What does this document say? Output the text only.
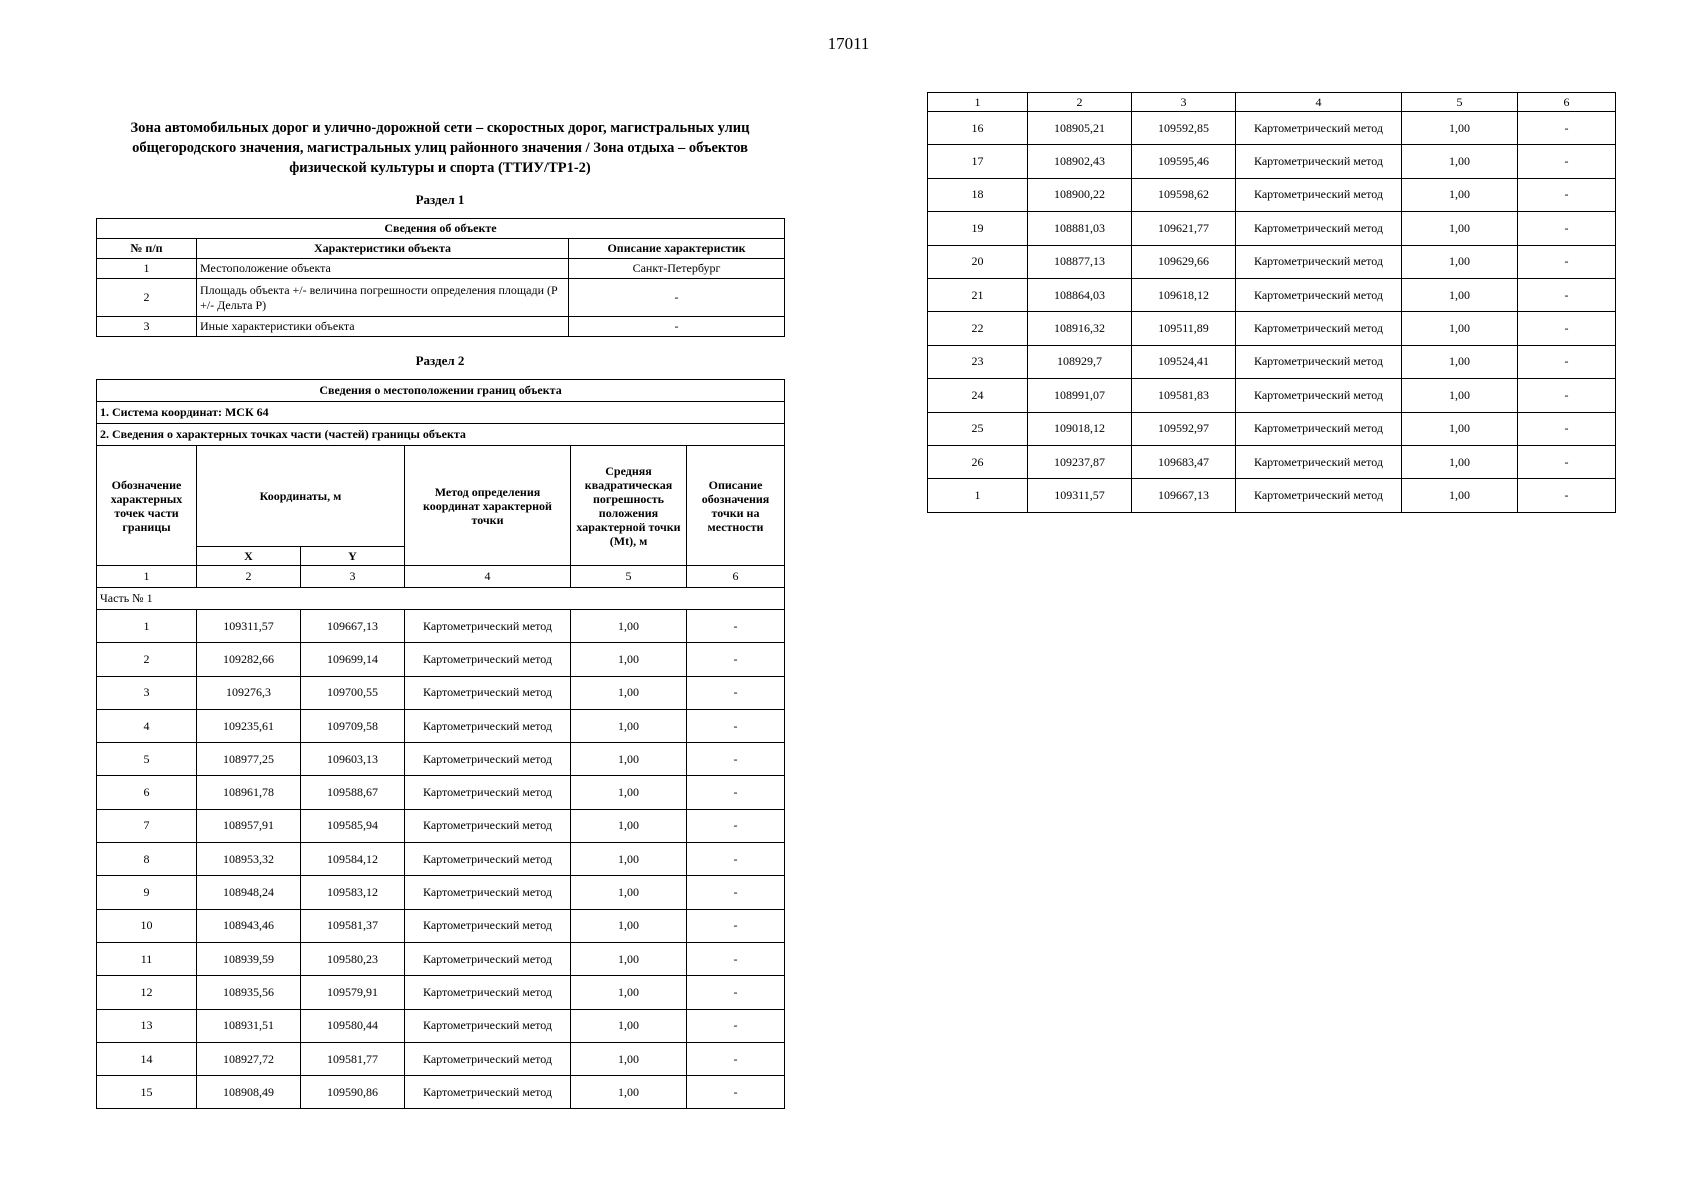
17011
Зона автомобильных дорог и улично-дорожной сети – скоростных дорог, магистральных улиц общегородского значения, магистральных улиц районного значения / Зона отдыха – объектов физической культуры и спорта (ТТИУ/ТР1-2)
Раздел 1
Сведения об объекте		
№ п/п	Характеристики объекта	Описание характеристик
1	Местоположение объекта	Санкт-Петербург
2	Площадь объекта +/- величина погрешности определения площади (Р +/- Дельта Р)	-
3	Иные характеристики объекта	-
Раздел 2
Сведения о местоположении границ объекта					
1. Система координат: МСК 64					
2. Сведения о характерных точках части (частей) границы объекта					
Обозначение характерных точек части границы	Координаты, м		Метод определения координат характерной точки	Средняя квадратическая погрешность положения характерной точки (Mt), м	Описание обозначения точки на местности
	X	Y			
1	2	3	4	5	6
Часть № 1					
1	109311,57	109667,13	Картометрический метод	1,00	-
2	109282,66	109699,14	Картометрический метод	1,00	-
3	109276,3	109700,55	Картометрический метод	1,00	-
4	109235,61	109709,58	Картометрический метод	1,00	-
5	108977,25	109603,13	Картометрический метод	1,00	-
6	108961,78	109588,67	Картометрический метод	1,00	-
7	108957,91	109585,94	Картометрический метод	1,00	-
8	108953,32	109584,12	Картометрический метод	1,00	-
9	108948,24	109583,12	Картометрический метод	1,00	-
10	108943,46	109581,37	Картометрический метод	1,00	-
11	108939,59	109580,23	Картометрический метод	1,00	-
12	108935,56	109579,91	Картометрический метод	1,00	-
13	108931,51	109580,44	Картометрический метод	1,00	-
14	108927,72	109581,77	Картометрический метод	1,00	-
15	108908,49	109590,86	Картометрический метод	1,00	-
1	2	3	4	5	6
16	108905,21	109592,85	Картометрический метод	1,00	-
17	108902,43	109595,46	Картометрический метод	1,00	-
18	108900,22	109598,62	Картометрический метод	1,00	-
19	108881,03	109621,77	Картометрический метод	1,00	-
20	108877,13	109629,66	Картометрический метод	1,00	-
21	108864,03	109618,12	Картометрический метод	1,00	-
22	108916,32	109511,89	Картометрический метод	1,00	-
23	108929,7	109524,41	Картометрический метод	1,00	-
24	108991,07	109581,83	Картометрический метод	1,00	-
25	109018,12	109592,97	Картометрический метод	1,00	-
26	109237,87	109683,47	Картометрический метод	1,00	-
1	109311,57	109667,13	Картометрический метод	1,00	-
